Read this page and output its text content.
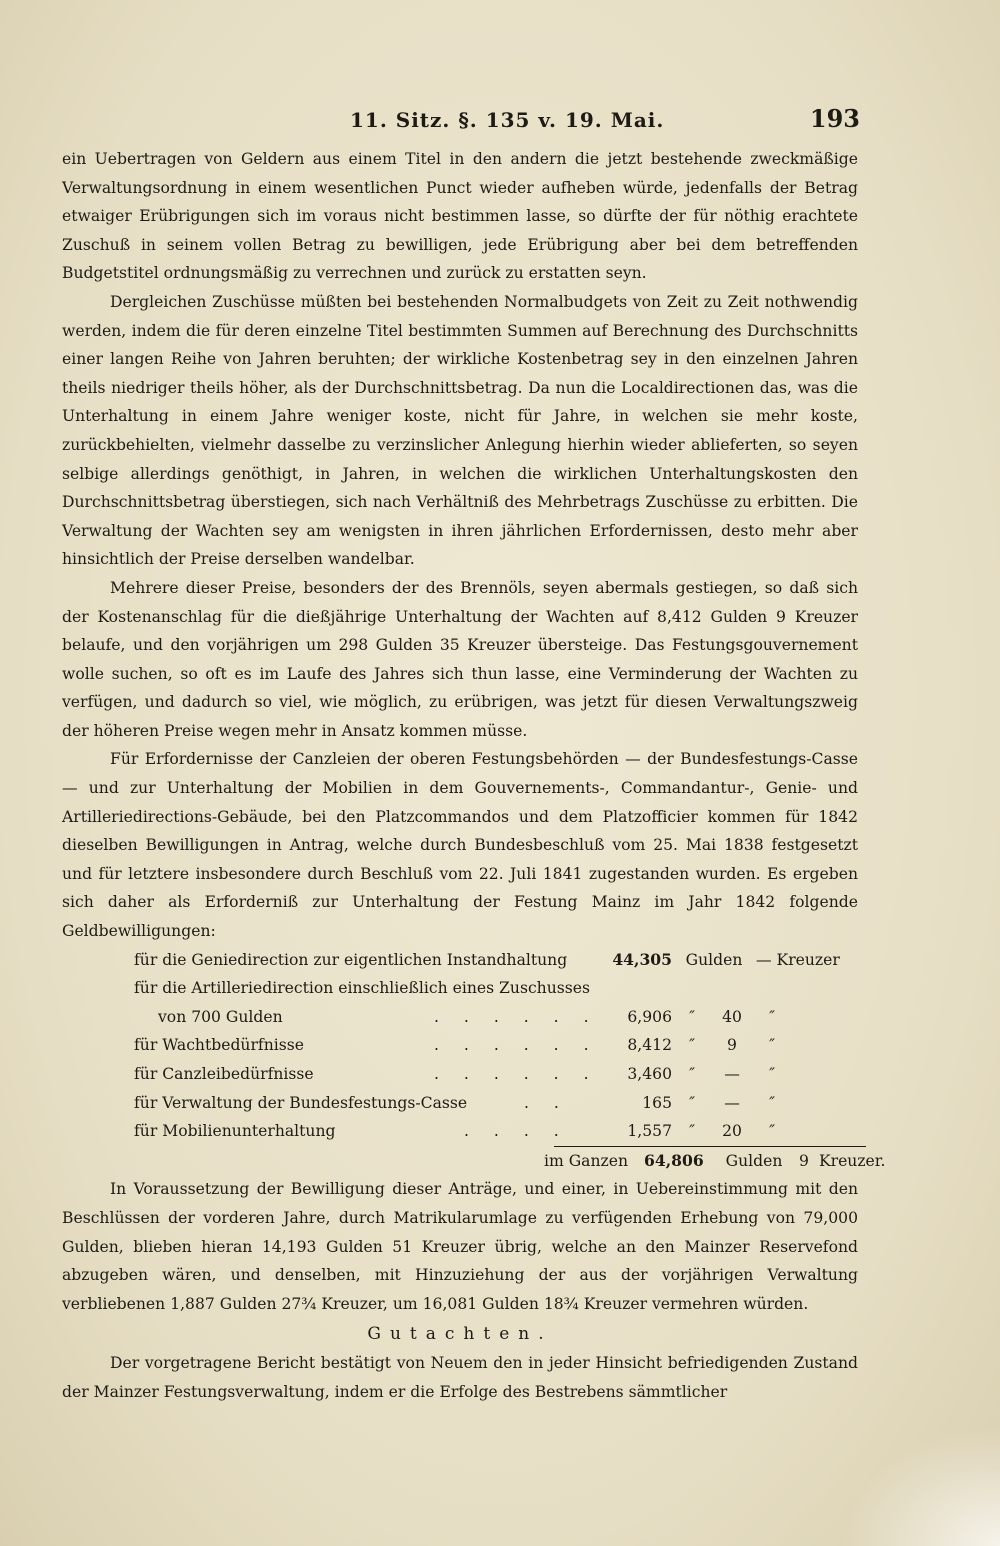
11. Sitz. §. 135 v. 19. Mai.	193

ein Uebertragen von Geldern aus einem Titel in den andern die jetzt bestehende zweckmäßige Verwaltungsordnung in einem wesentlichen Punct wieder aufheben würde, jedenfalls der Betrag etwaiger Erübrigungen sich im voraus nicht bestimmen lasse, so dürfte der für nöthig erachtete Zuschuß in seinem vollen Betrag zu bewilligen, jede Erübrigung aber bei dem betreffenden Budgetstitel ordnungsmäßig zu verrechnen und zurück zu erstatten seyn.

Dergleichen Zuschüsse müßten bei bestehenden Normalbudgets von Zeit zu Zeit nothwendig werden, indem die für deren einzelne Titel bestimmten Summen auf Berechnung des Durchschnitts einer langen Reihe von Jahren beruhten; der wirkliche Kostenbetrag sey in den einzelnen Jahren theils niedriger theils höher, als der Durchschnittsbetrag. Da nun die Localdirectionen das, was die Unterhaltung in einem Jahre weniger koste, nicht für Jahre, in welchen sie mehr koste, zurückbehielten, vielmehr dasselbe zu verzinslicher Anlegung hierhin wieder ablieferten, so seyen selbige allerdings genöthigt, in Jahren, in welchen die wirklichen Unterhaltungskosten den Durchschnittsbetrag überstiegen, sich nach Verhältniß des Mehrbetrags Zuschüsse zu erbitten. Die Verwaltung der Wachten sey am wenigsten in ihren jährlichen Erfordernissen, desto mehr aber hinsichtlich der Preise derselben wandelbar.

Mehrere dieser Preise, besonders der des Brennöls, seyen abermals gestiegen, so daß sich der Kostenanschlag für die dießjährige Unterhaltung der Wachten auf 8,412 Gulden 9 Kreuzer belaufe, und den vorjährigen um 298 Gulden 35 Kreuzer übersteige. Das Festungsgouvernement wolle suchen, so oft es im Laufe des Jahres sich thun lasse, eine Verminderung der Wachten zu verfügen, und dadurch so viel, wie möglich, zu erübrigen, was jetzt für diesen Verwaltungszweig der höheren Preise wegen mehr in Ansatz kommen müsse.

Für Erfordernisse der Canzleien der oberen Festungsbehörden — der Bundesfestungs-Casse — und zur Unterhaltung der Mobilien in dem Gouvernements-, Commandantur-, Genie- und Artilleriedirections-Gebäude, bei den Platzcommandos und dem Platzofficier kommen für 1842 dieselben Bewilligungen in Antrag, welche durch Bundesbeschluß vom 25. Mai 1838 festgesetzt und für letztere insbesondere durch Beschluß vom 22. Juli 1841 zugestanden wurden. Es ergeben sich daher als Erforderniß zur Unterhaltung der Festung Mainz im Jahr 1842 folgende Geldbewilligungen:

für die Geniedirection zur eigentlichen Instandhaltung	44,305 Gulden — Kreuzer
für die Artilleriedirection einschließlich eines Zuschusses
von 700 Gulden	. . . . . . 6,906 ″ 40 ″
für Wachtbedürfnisse	. . . . . . 8,412 ″ 9 ″
für Canzleibedürfnisse	. . . . . . 3,460 ″ — ″
für Verwaltung der Bundesfestungs-Casse	. .	165 ″ — ″
für Mobilienunterhaltung	. . . .	1,557 ″ 20 ″
im Ganzen 64,806 Gulden 9 Kreuzer.

In Voraussetzung der Bewilligung dieser Anträge, und einer, in Uebereinstimmung mit den Beschlüssen der vorderen Jahre, durch Matrikularumlage zu verfügenden Erhebung von 79,000 Gulden, blieben hieran 14,193 Gulden 51 Kreuzer übrig, welche an den Mainzer Reservefond abzugeben wären, und denselben, mit Hinzuziehung der aus der vorjährigen Verwaltung verbliebenen 1,887 Gulden 27¾ Kreuzer, um 16,081 Gulden 18¾ Kreuzer vermehren würden.

Gutachten.

Der vorgetragene Bericht bestätigt von Neuem den in jeder Hinsicht befriedigenden Zustand der Mainzer Festungsverwaltung, indem er die Erfolge des Bestrebens sämmtlicher
